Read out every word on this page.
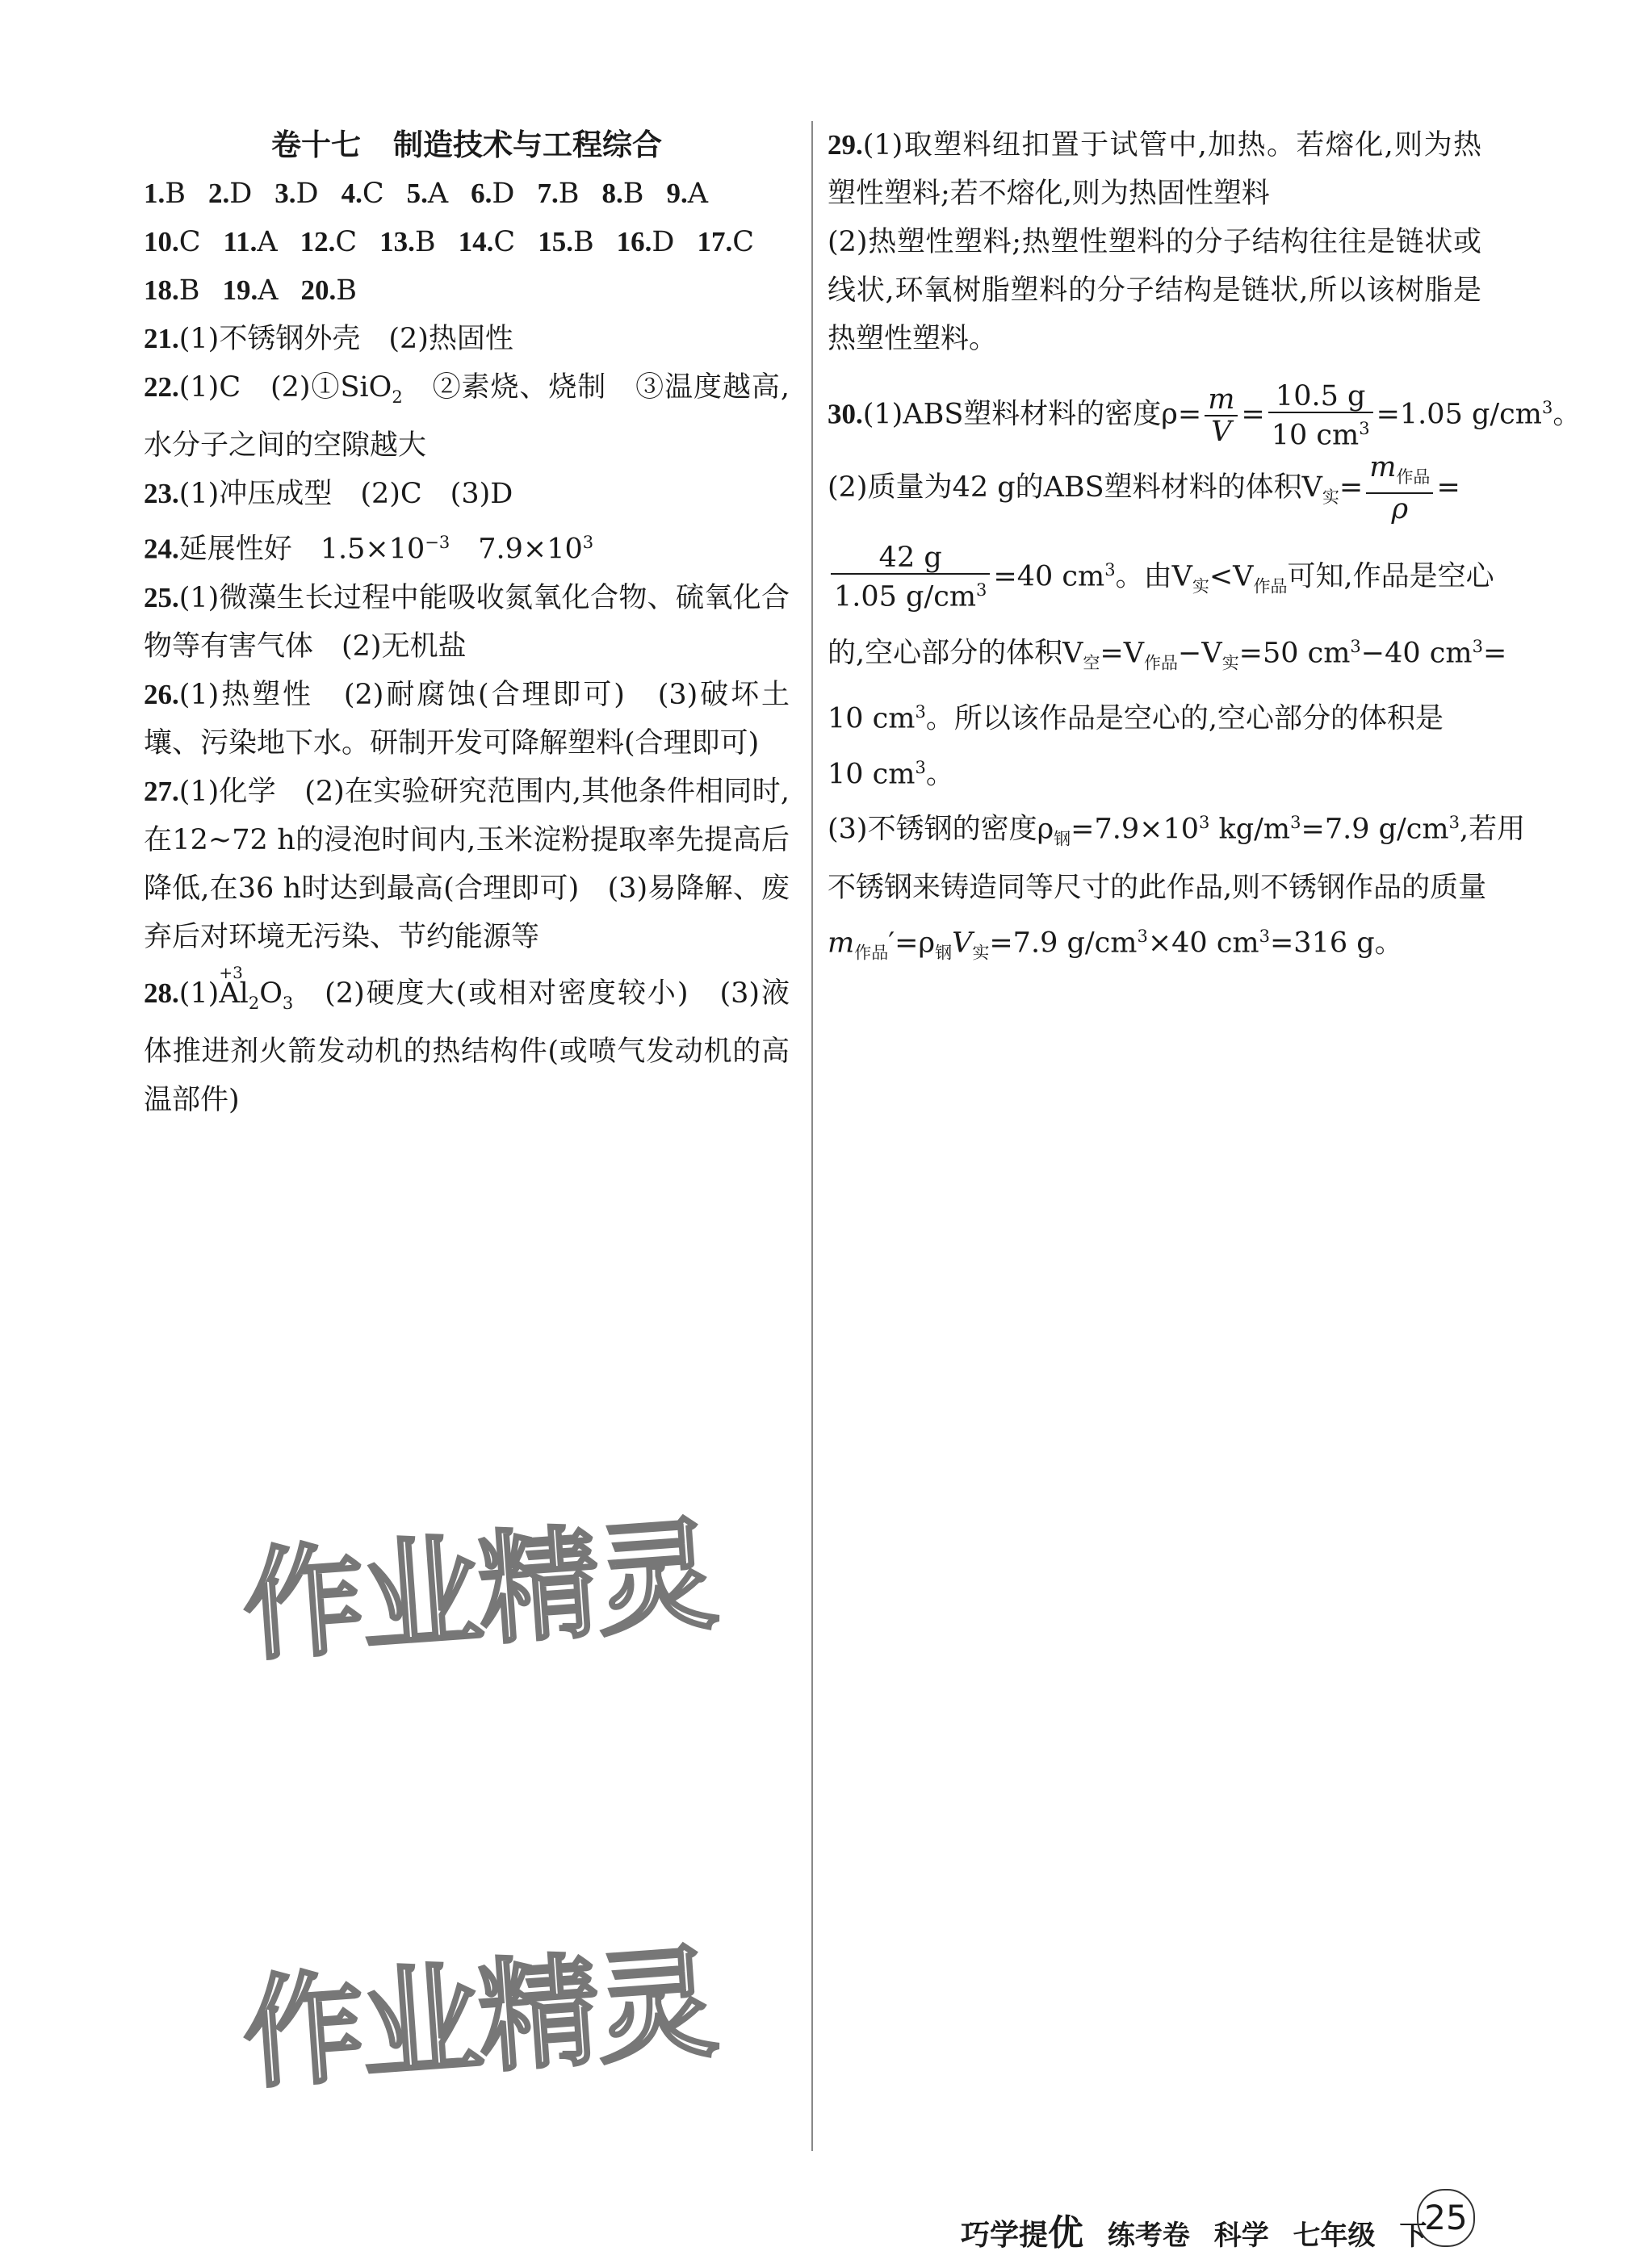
卷十七 制造技术与工程综合
1.B 2.D 3.D 4.C 5.A 6.D 7.B 8.B 9.A
10.C 11.A 12.C 13.B 14.C 15.B 16.D 17.C
18.B 19.A 20.B
21.(1)不锈钢外壳　(2)热固性
22.(1)C　(2)①SiO$_2$　②素烧、烧制　③温度越高,水分子之间的空隙越大
23.(1)冲压成型　(2)C　(3)D
24.延展性好　$1.5\times 10^{-3}$　$7.9\times 10^3$
25.(1)微藻生长过程中能吸收氮氧化合物、硫氧化合物等有害气体　(2)无机盐
26.(1)热塑性　(2)耐腐蚀(合理即可)　(3)破坏土壤、污染地下水。研制开发可降解塑料(合理即可)
27.(1)化学　(2)在实验研究范围内,其他条件相同时,在12~72 h的浸泡时间内,玉米淀粉提取率先提高后降低,在36 h时达到最高(合理即可)　(3)易降解、废弃后对环境无污染、节约能源等
28.(1)
+3
$Al_2O_3$　(2)硬度大(或相对密度较小)　(3)液体推进剂火箭发动机的热结构件(或喷气发动机的高温部件)
29.(1)取塑料纽扣置于试管中,加热。若熔化,则为热塑性塑料;若不熔化,则为热固性塑料
(2)热塑性塑料;热塑性塑料的分子结构往往是链状或线状,环氧树脂塑料的分子结构是链状,所以该树脂是热塑性塑料。
30.(1)ABS塑料材料的密度$\rho= \frac{m}{V} = \frac{10.5 g}{10 cm^3} =1.05$ $g/cm^3$。
(2)质量为42 g的ABS塑料材料的体积$V_实= \frac{m_{作品}}{\rho}$ =
$\frac{42 g}{1.05 g/cm^3} =40$ $cm^3$。由$V_实<V_{作品}$可知,作品是空心
的,空心部分的体积$V_空=V_{作品}-V_实=50$ $cm^3-40$ $cm^3=$
10 $cm^3$。所以该作品是空心的,空心部分的体积是
10 $cm^3$。
(3)不锈钢的密度$\rho_钢=7.9\times 10^3$ $kg/m^3=7.9$ $g/cm^3$,若用
不锈钢来铸造同等尺寸的此作品,则不锈钢作品的质量
$m_{作品}'=\rho_钢V_实=7.9$ $g/cm^3\times 40$ $cm^3=316$ g。
作业精灵
作业精灵
巧学提优 练考卷 科学 七年级 下
25
